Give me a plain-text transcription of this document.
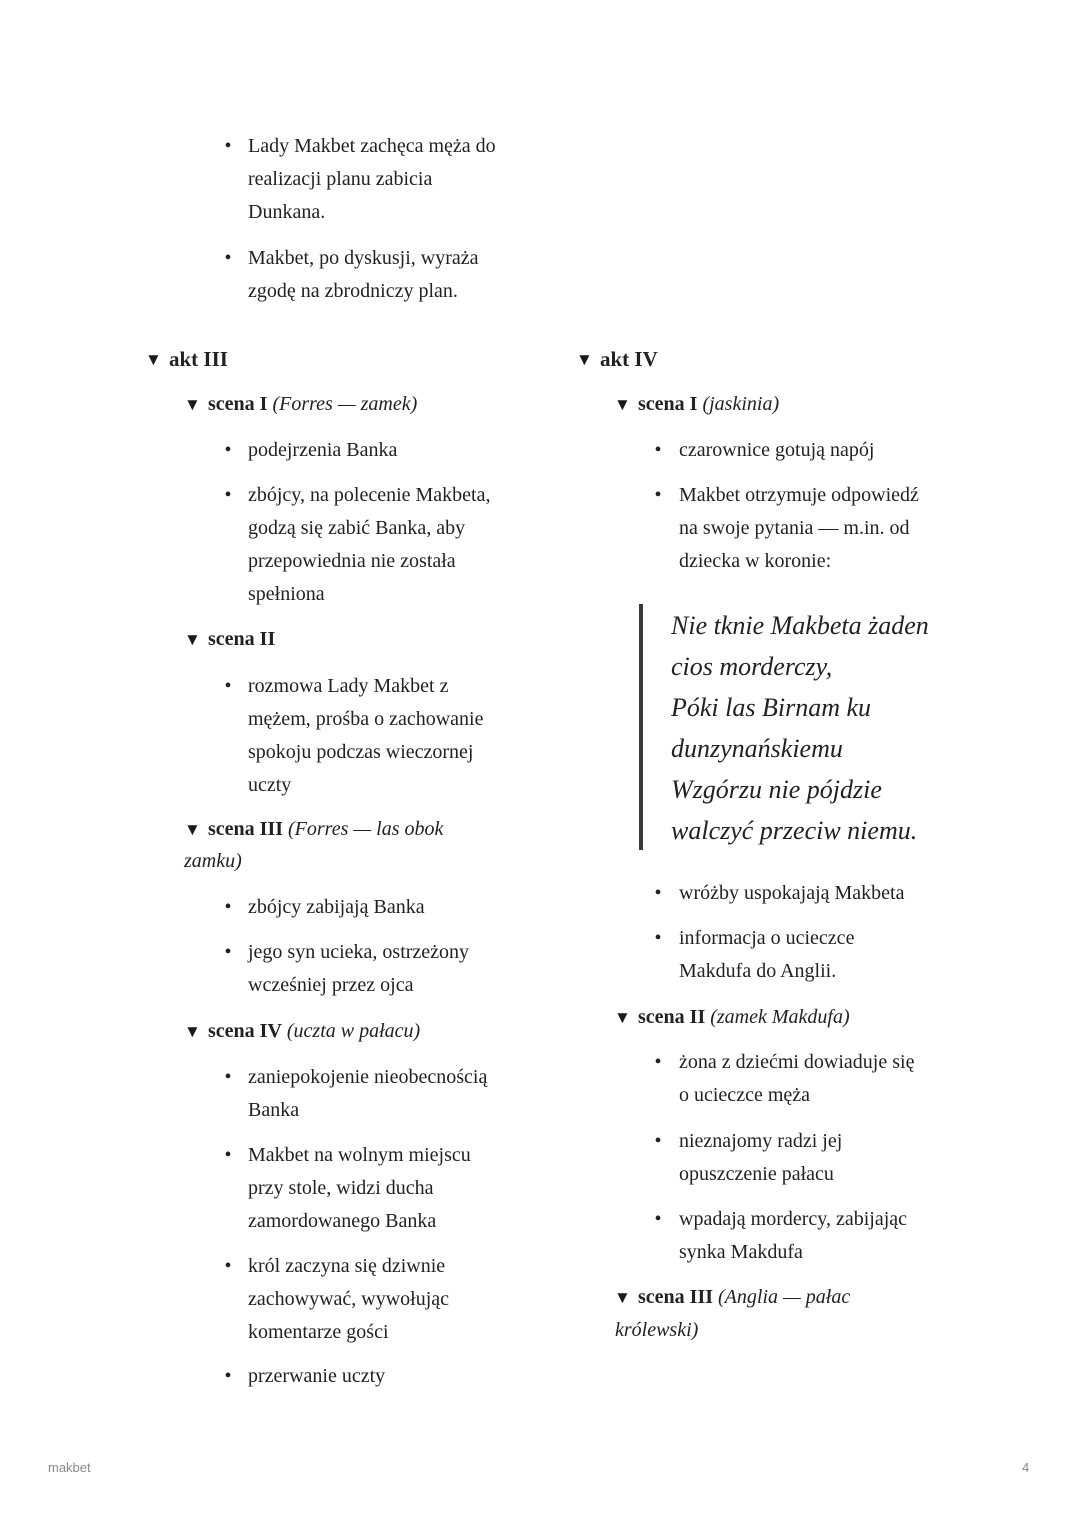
• Lady Makbet zachęca męża do
realizacji planu zabicia
Dunkana.
• Makbet, po dyskusji, wyraża
zgodę na zbrodniczy plan.
▼ akt III
▼ scena I (Forres — zamek)
• podejrzenia Banka
• zbójcy, na polecenie Makbeta,
godzą się zabić Banka, aby
przepowiednia nie została
spełniona
▼ scena II
• rozmowa Lady Makbet z
mężem, prośba o zachowanie
spokoju podczas wieczornej
uczty
▼ scena III (Forres — las obok
zamku)
• zbójcy zabijają Banka
• jego syn ucieka, ostrzeżony
wcześniej przez ojca
▼ scena IV (uczta w pałacu)
• zaniepokojenie nieobecnością
Banka
• Makbet na wolnym miejscu
przy stole, widzi ducha
zamordowanego Banka
• król zaczyna się dziwnie
zachowywać, wywołując
komentarze gości
• przerwanie uczty
▼ akt IV
▼ scena I (jaskinia)
• czarownice gotują napój
• Makbet otrzymuje odpowiedź
na swoje pytania — m.in. od
dziecka w koronie:
Nie tknie Makbeta żaden
cios morderczy,
Póki las Birnam ku
dunzynańskiemu
Wzgórzu nie pójdzie
walczyć przeciw niemu.
• wróżby uspokajają Makbeta
• informacja o ucieczce
Makdufa do Anglii.
▼ scena II (zamek Makdufa)
• żona z dziećmi dowiaduje się
o ucieczce męża
• nieznajomy radzi jej
opuszczenie pałacu
• wpadają mordercy, zabijając
synka Makdufa
▼ scena III (Anglia — pałac
królewski)
makbet	4
